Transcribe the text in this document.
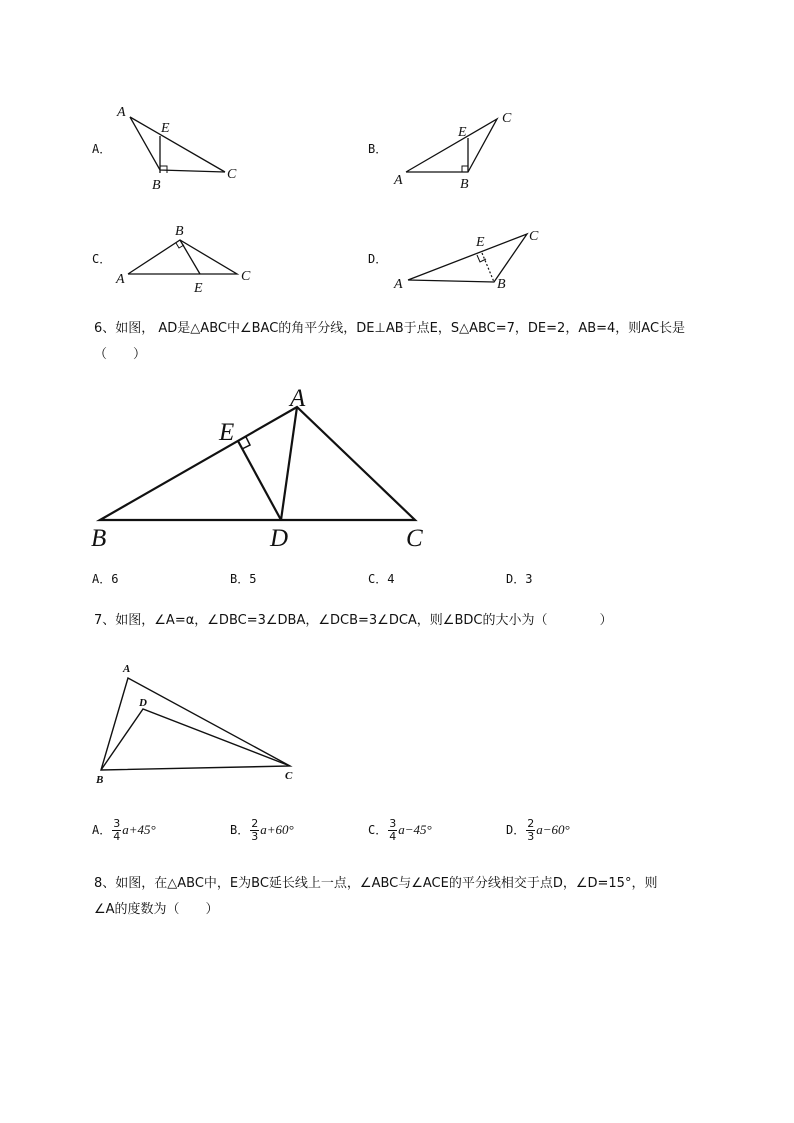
A．
A
E
B
C
B．
A
E
B
C
C．
A
B
E
C
D．
A
E
B
C
6、如图， AD是△ABC中∠BAC的角平分线，DE⊥AB于点E，S△ABC=7，DE=2，AB=4，则AC长是
（　　）
A
E
B	D	C
A．6	B．5	C．4	D．3
7、如图，∠A=α，∠DBC=3∠DBA，∠DCB=3∠DCA，则∠BDC的大小为（　　　　）
A
D
B	C
A． $\frac{3}{4} a+45^\circ$	B． $\frac{2}{3} a+60^\circ$	C． $\frac{3}{4} a-45^\circ$	D． $\frac{2}{3} a-60^\circ$
8、如图，在△ABC中，E为BC延长线上一点，∠ABC与∠ACE的平分线相交于点D，∠D=15°，则
∠A的度数为（　　）
